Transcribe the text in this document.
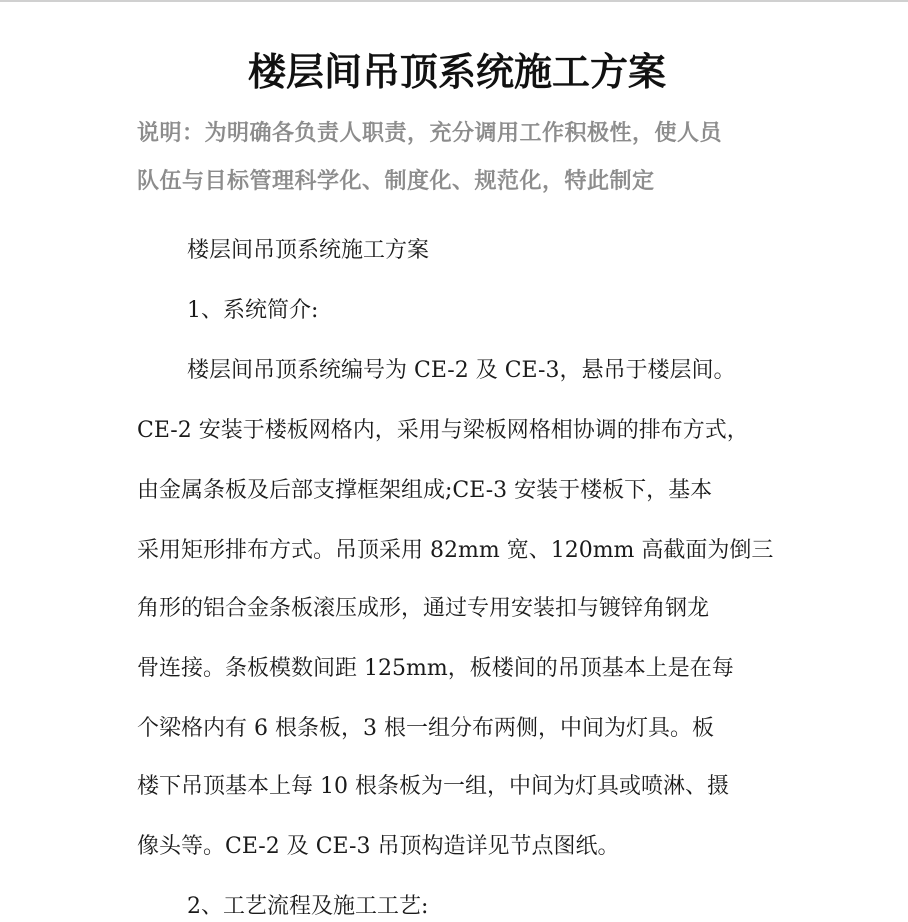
楼层间吊顶系统施工方案
说明：为明确各负责人职责，充分调用工作积极性，使人员
队伍与目标管理科学化、制度化、规范化，特此制定
楼层间吊顶系统施工方案
1、系统简介:
楼层间吊顶系统编号为 CE-2 及 CE-3，悬吊于楼层间。
CE-2 安装于楼板网格内，采用与梁板网格相协调的排布方式，
由金属条板及后部支撑框架组成;CE-3 安装于楼板下，基本
采用矩形排布方式。吊顶采用 82mm 宽、120mm 高截面为倒三
角形的铝合金条板滚压成形，通过专用安装扣与镀锌角钢龙
骨连接。条板模数间距 125mm，板楼间的吊顶基本上是在每
个梁格内有 6 根条板，3 根一组分布两侧，中间为灯具。板
楼下吊顶基本上每 10 根条板为一组，中间为灯具或喷淋、摄
像头等。CE-2 及 CE-3 吊顶构造详见节点图纸。
2、工艺流程及施工工艺:
